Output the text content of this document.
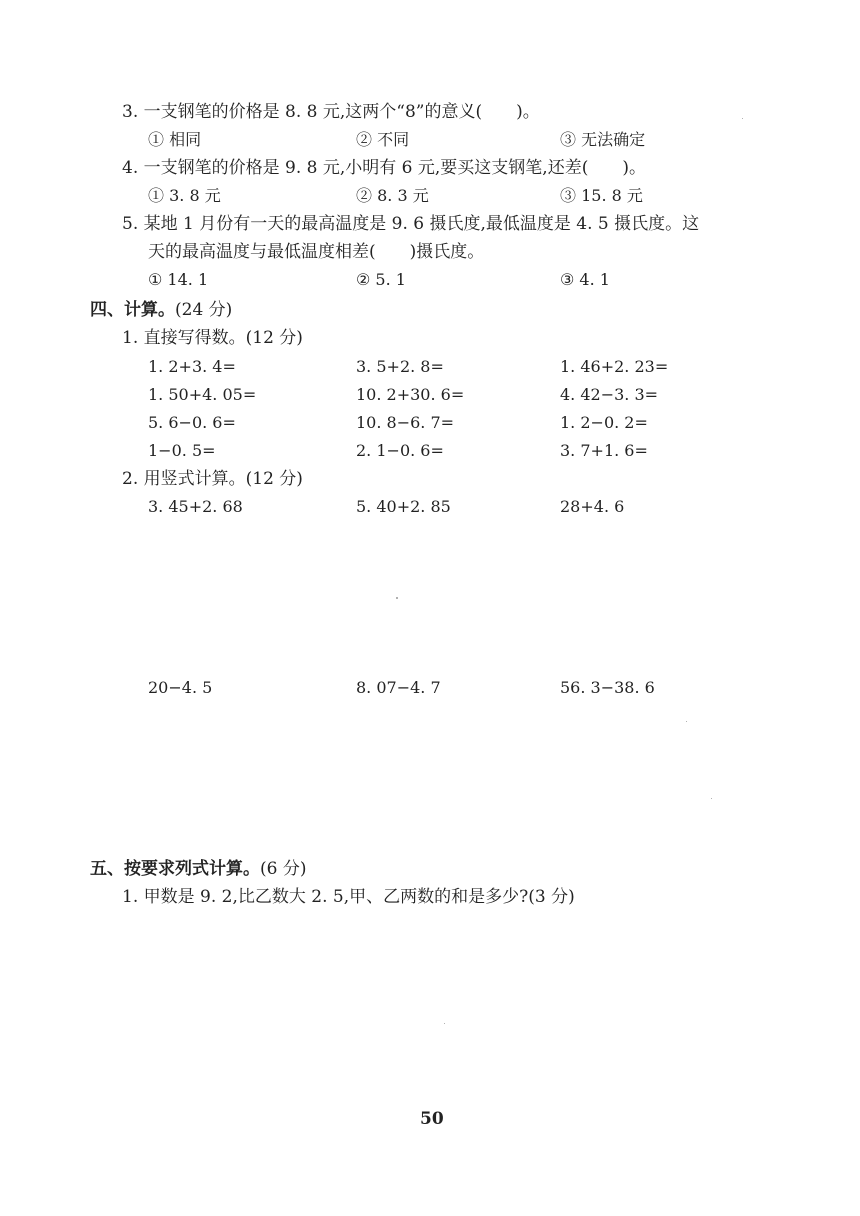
3. 一支钢笔的价格是 8. 8 元,这两个“8”的意义(　　)。
① 相同	② 不同	③ 无法确定
4. 一支钢笔的价格是 9. 8 元,小明有 6 元,要买这支钢笔,还差(　　)。
① 3. 8 元	② 8. 3 元	③ 15. 8 元
5. 某地 1 月份有一天的最高温度是 9. 6 摄氏度,最低温度是 4. 5 摄氏度。这
天的最高温度与最低温度相差(　　)摄氏度。
① 14. 1	② 5. 1	③ 4. 1
四、计算。(24 分)
1. 直接写得数。(12 分)
1. 2+3. 4=	3. 5+2. 8=	1. 46+2. 23=
1. 50+4. 05=	10. 2+30. 6=	4. 42−3. 3=
5. 6−0. 6=	10. 8−6. 7=	1. 2−0. 2=
1−0. 5=	2. 1−0. 6=	3. 7+1. 6=
2. 用竖式计算。(12 分)
3. 45+2. 68	5. 40+2. 85	28+4. 6
20−4. 5	8. 07−4. 7	56. 3−38. 6
五、按要求列式计算。(6 分)
1. 甲数是 9. 2,比乙数大 2. 5,甲、乙两数的和是多少?(3 分)
50
